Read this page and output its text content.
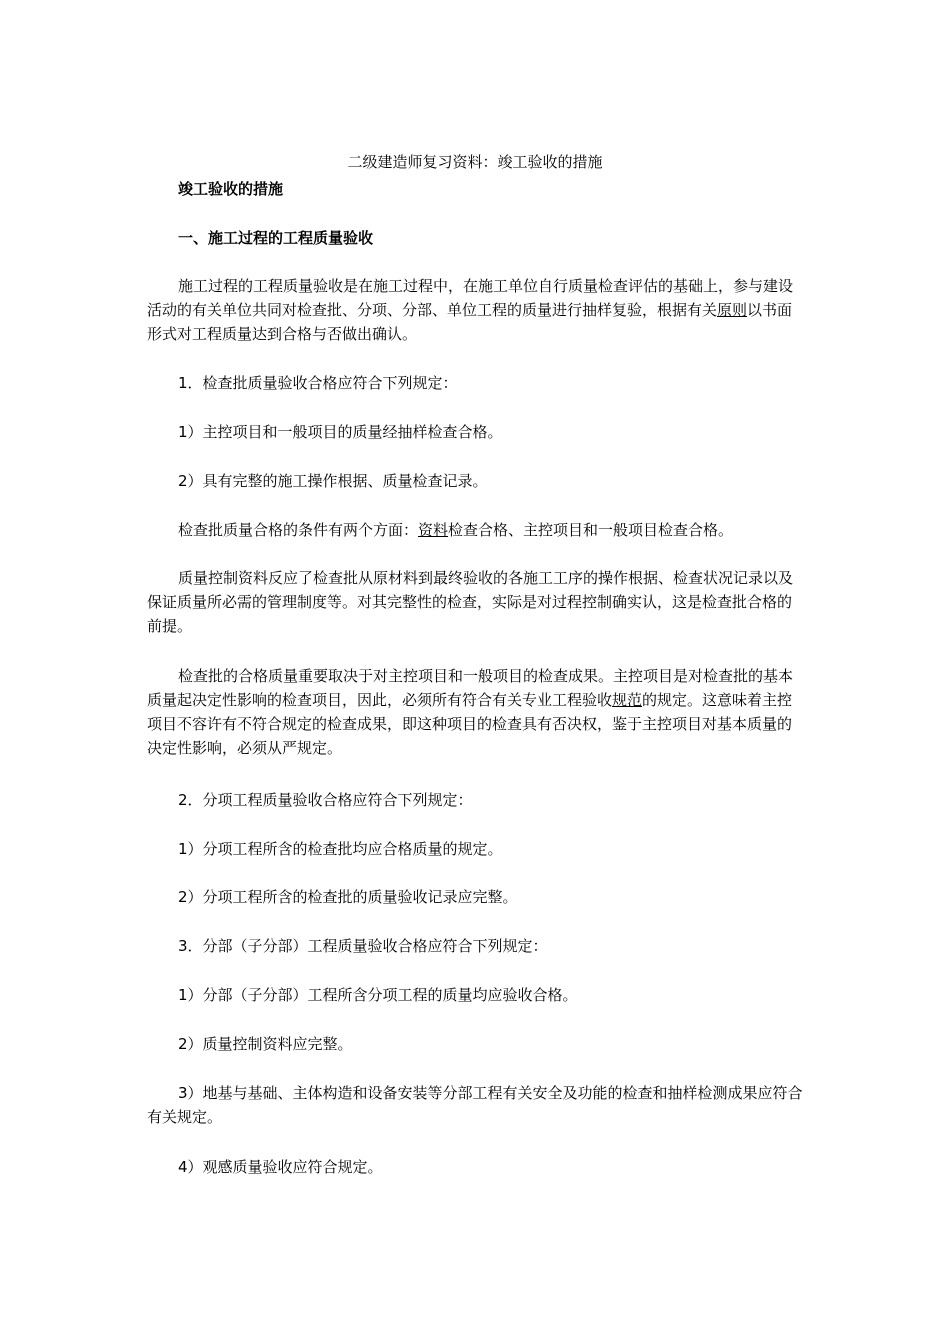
二级建造师复习资料：竣工验收的措施
竣工验收的措施
一、施工过程的工程质量验收

施工过程的工程质量验收是在施工过程中，在施工单位自行质量检查评估的基础上，参与建设活动的有关单位共同对检查批、分项、分部、单位工程的质量进行抽样复验，根据有关原则以书面形式对工程质量达到合格与否做出确认。

1．检查批质量验收合格应符合下列规定：

1）主控项目和一般项目的质量经抽样检查合格。

2）具有完整的施工操作根据、质量检查记录。

检查批质量合格的条件有两个方面：资料检查合格、主控项目和一般项目检查合格。

质量控制资料反应了检查批从原材料到最终验收的各施工工序的操作根据、检查状况记录以及保证质量所必需的管理制度等。对其完整性的检查，实际是对过程控制确实认，这是检查批合格的前提。

检查批的合格质量重要取决于对主控项目和一般项目的检查成果。主控项目是对检查批的基本质量起决定性影响的检查项目，因此，必须所有符合有关专业工程验收规范的规定。这意味着主控项目不容许有不符合规定的检查成果，即这种项目的检查具有否决权，鉴于主控项目对基本质量的决定性影响，必须从严规定。

2．分项工程质量验收合格应符合下列规定：

1）分项工程所含的检查批均应合格质量的规定。

2）分项工程所含的检查批的质量验收记录应完整。

3．分部（子分部）工程质量验收合格应符合下列规定：

1）分部（子分部）工程所含分项工程的质量均应验收合格。

2）质量控制资料应完整。

3）地基与基础、主体构造和设备安装等分部工程有关安全及功能的检查和抽样检测成果应符合有关规定。

4）观感质量验收应符合规定。
